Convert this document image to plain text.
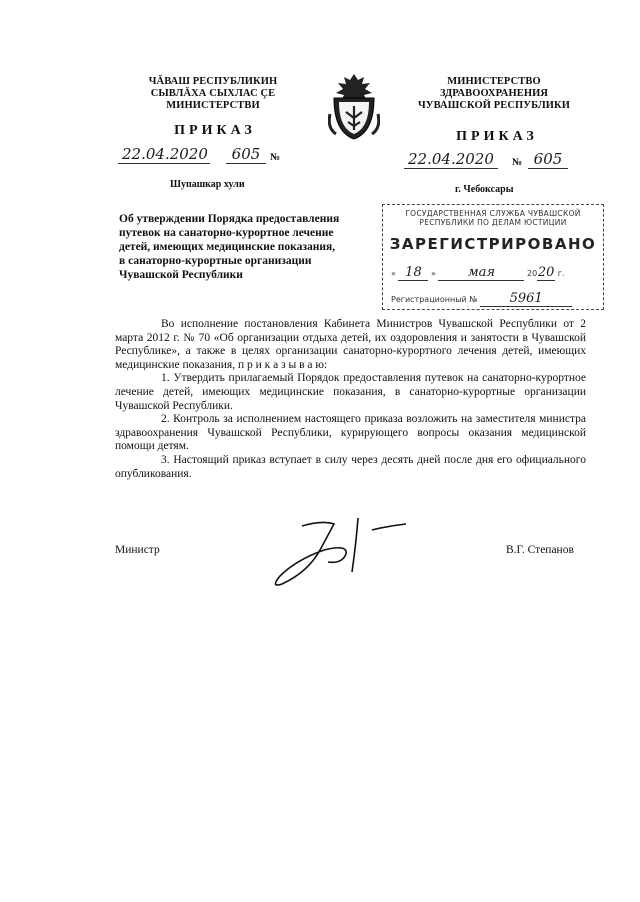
ЧĂВАШ РЕСПУБЛИКИН
СЫВЛĂХА СЫХЛАС ÇЕ
МИНИСТЕРСТВИ
МИНИСТЕРСТВО
ЗДРАВООХРАНЕНИЯ
ЧУВАШСКОЙ РЕСПУБЛИКИ
ПРИКАЗ	ПРИКАЗ
22.04.2020	605 №	22.04.2020	№ 605
Шупашкар хули	г. Чебоксары
Об утверждении Порядка предоставления
путевок на санаторно-курортное лечение
детей, имеющих медицинские показания,
в санаторно-курортные организации
Чувашской Республики
ГОСУДАРСТВЕННАЯ СЛУЖБА ЧУВАШСКОЙ
РЕСПУБЛИКИ ПО ДЕЛАМ ЮСТИЦИИ
ЗАРЕГИСТРИРОВАНО
« 18 » мая	2020 г.
Регистрационный № 5961

Во исполнение постановления Кабинета Министров Чувашской Республики от 2 марта 2012 г. № 70 «Об организации отдыха детей, их оздоровления и занятости в Чувашской Республике», а также в целях организации санаторно-курортного лечения детей, имеющих медицинские показания, п р и к а з ы в а ю:

1. Утвердить прилагаемый Порядок предоставления путевок на санаторно-курортное лечение детей, имеющих медицинские показания, в санаторно-курортные организации Чувашской Республики.

2. Контроль за исполнением настоящего приказа возложить на заместителя министра здравоохранения Чувашской Республики, курирующего вопросы оказания медицинской помощи детям.

3. Настоящий приказ вступает в силу через десять дней после дня его официального опубликования.

Министр	В.Г. Степанов
